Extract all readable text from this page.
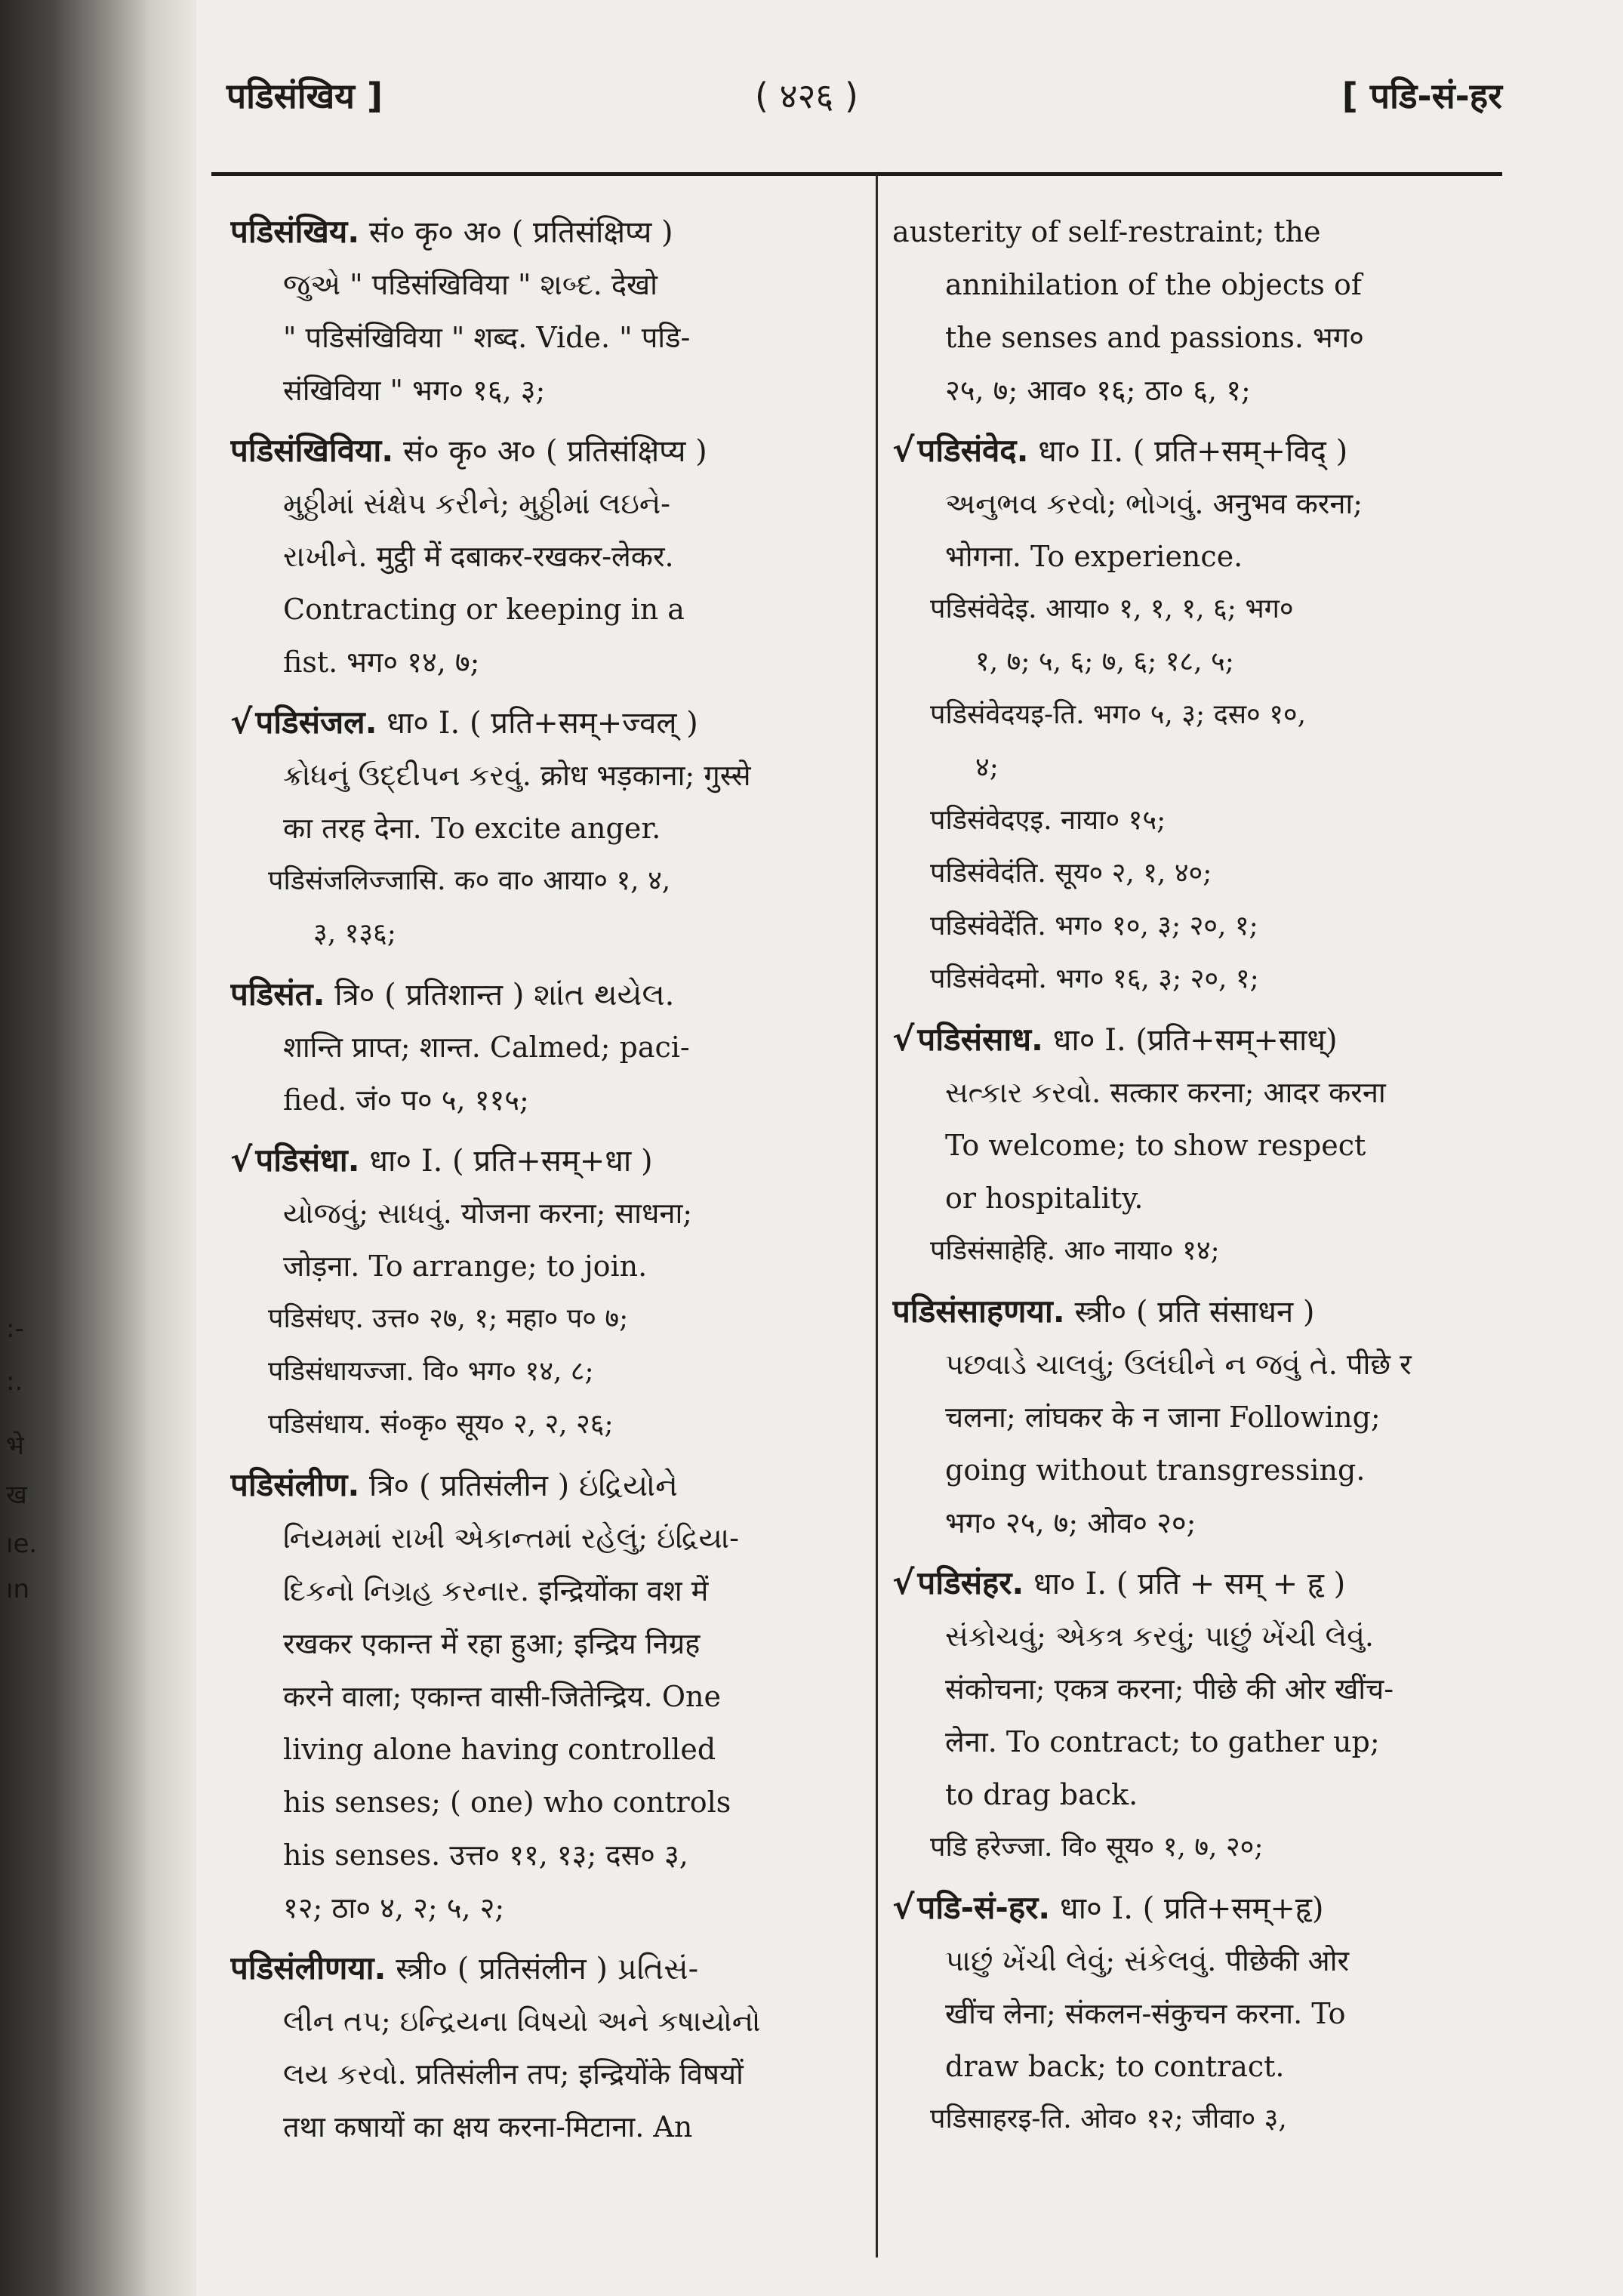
:-
:.
भे
ख
ıe.
ın
पडिसंखिय ]	( ४२६ )	[ पडि-सं-हर
पडिसंखिय. सं० कृ० अ० ( प्रतिसंक्षिप्य )
જુએ " पडिसंखिविया " શબ્દ. देखो
" पडिसंखिविया " शब्द. Vide. " पडि-
संखिविया " भग० १६, ३;
पडिसंखिविया. सं० कृ० अ० ( प्रतिसंक्षिप्य )
મુઠ્ઠીમાં સંક્ષેપ કરીને; મુઠ્ઠીમાં લઇને-
રાખીને. मुट्ठी में दबाकर-रखकर-लेकर.
Contracting or keeping in a
fist. भग० १४, ७;
√पडिसंजल. धा० I. ( प्रति+सम्+ज्वल् )
ક્રોધનું ઉદ્દીપન કરવું. क्रोध भड़काना; गुस्से
का तरह देना. To excite anger.
पडिसंजलिज्जासि. क० वा० आया० १, ४,
३, १३६;
पडिसंत. त्रि० ( प्रतिशान्त ) શાંત થયેલ.
शान्ति प्राप्त; शान्त. Calmed; paci-
fied. जं० प० ५, ११५;
√पडिसंधा. धा० I. ( प्रति+सम्+धा )
યોજવું; સાધવું. योजना करना; साधना;
जोड़ना. To arrange; to join.
पडिसंधए. उत्त० २७, १; महा० प० ७;
पडिसंधायज्जा. वि० भग० १४, ८;
पडिसंधाय. सं०कृ० सूय० २, २, २६;
पडिसंलीण. त्रि० ( प्रतिसंलीन ) ઇંદ્રિયોને
નિયમમાં રાખી એકાન્તમાં રહેલું; ઇંદ્રિયા-
દિકનો નિગ્રહ કરનાર. इन्द्रियोंका वश में
रखकर एकान्त में रहा हुआ; इन्द्रिय निग्रह
करने वाला; एकान्त वासी-जितेन्द्रिय. One
living alone having controlled
his senses; ( one) who controls
his senses. उत्त० ११, १३; दस० ३,
१२; ठा० ४, २; ५, २;
पडिसंलीणया. स्त्री० ( प्रतिसंलीन ) પ્રતિસં-
લીન તપ; ઇન્દ્રિયના વિષયો અને કષાયોનો
લય કરવો. प्रतिसंलीन तप; इन्द्रियोंके विषयों
तथा कषायों का क्षय करना-मिटाना. An
austerity of self-restraint; the
annihilation of the objects of
the senses and passions. भग०
२५, ७; आव० १६; ठा० ६, १;
√पडिसंवेद. धा० II. ( प्रति+सम्+विद् )
અનુભવ કરવો; ભોગવું. अनुभव करना;
भोगना. To experience.
पडिसंवेदेइ. आया० १, १, १, ६; भग०
१, ७; ५, ६; ७, ६; १८, ५;
पडिसंवेदयइ-ति. भग० ५, ३; दस० १०,
४;
पडिसंवेदएइ. नाया० १५;
पडिसंवेदंति. सूय० २, १, ४०;
पडिसंवेदेंति. भग० १०, ३; २०, १;
पडिसंवेदमो. भग० १६, ३; २०, १;
√पडिसंसाध. धा० I. (प्रति+सम्+साध्)
સત્કાર કરવો. सत्कार करना; आदर करना
To welcome; to show respect
or hospitality.
पडिसंसाहेहि. आ० नाया० १४;
पडिसंसाहणया. स्त्री० ( प्रति संसाधन )
પછવાડે ચાલવું; ઉલંઘીને ન જવું તે. पीछे र
चलना; लांघकर के न जाना Following;
going without transgressing.
भग० २५, ७; ओव० २०;
√पडिसंहर. धा० I. ( प्रति + सम् + हृ )
સંકોચવું; એકત્ર કરવું; પાછું ખેંચી લેવું.
संकोचना; एकत्र करना; पीछे की ओर खींच-
लेना. To contract; to gather up;
to drag back.
पडि हरेज्जा. वि० सूय० १, ७, २०;
√पडि-सं-हर. धा० I. ( प्रति+सम्+हृ)
પાછું ખેંચી લેવું; સંકેલવું. पीछेकी ओर
खींच लेना; संकलन-संकुचन करना. To
draw back; to contract.
पडिसाहरइ-ति. ओव० १२; जीवा० ३,
